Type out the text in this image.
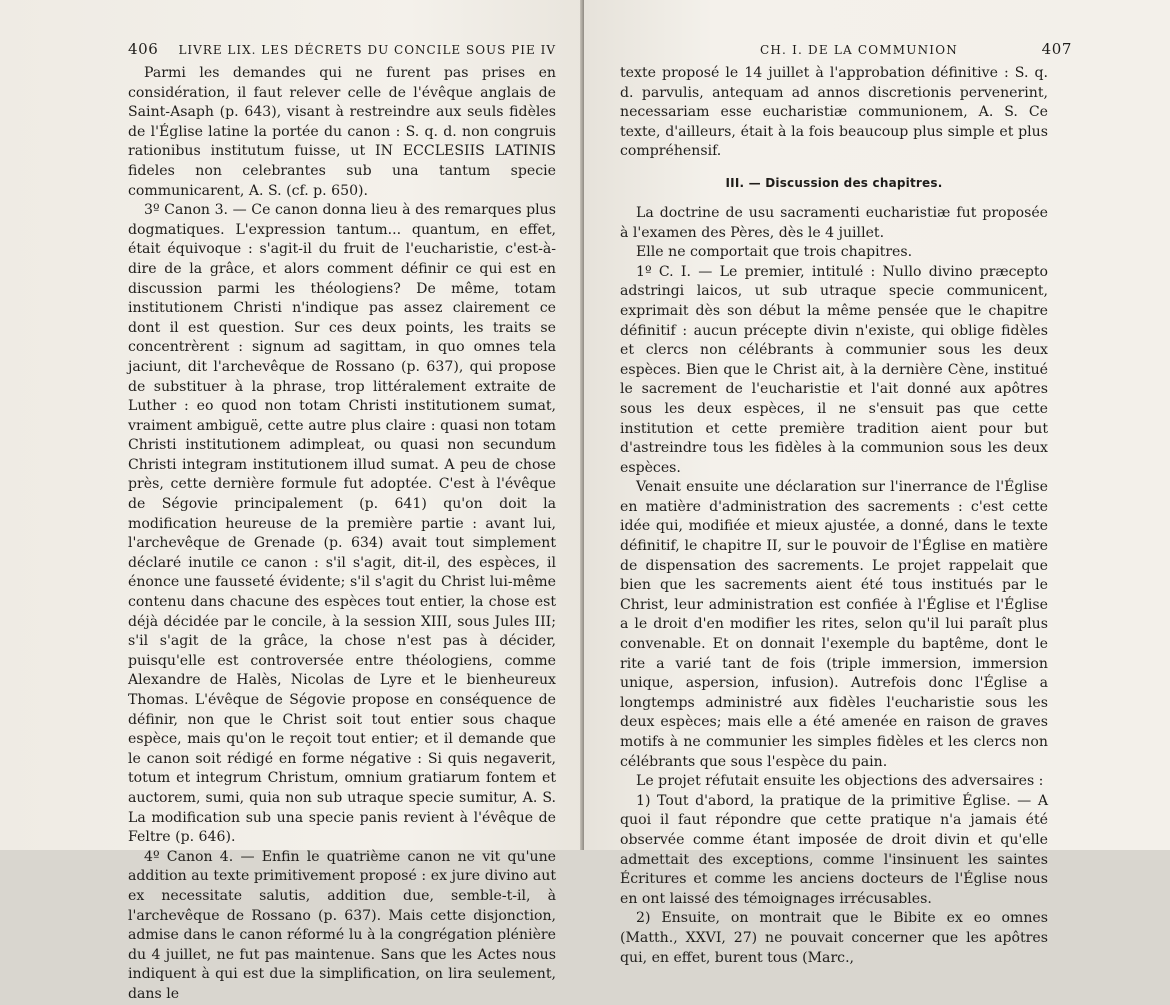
406 LIVRE LIX. LES DÉCRETS DU CONCILE SOUS PIE IV

Parmi les demandes qui ne furent pas prises en considération, il faut relever celle de l'évêque anglais de Saint-Asaph (p. 643), visant à restreindre aux seuls fidèles de l'Église latine la portée du canon : S. q. d. non congruis rationibus institutum fuisse, ut IN ECCLESIIS LATINIS fideles non celebrantes sub una tantum specie communicarent, A. S. (cf. p. 650).

3º Canon 3. — Ce canon donna lieu à des remarques plus dogmatiques. L'expression tantum... quantum, en effet, était équivoque : s'agit-il du fruit de l'eucharistie, c'est-à-dire de la grâce, et alors comment définir ce qui est en discussion parmi les théologiens? De même, totam institutionem Christi n'indique pas assez clairement ce dont il est question. Sur ces deux points, les traits se concentrèrent : signum ad sagittam, in quo omnes tela jaciunt, dit l'archevêque de Rossano (p. 637), qui propose de substituer à la phrase, trop littéralement extraite de Luther : eo quod non totam Christi institutionem sumat, vraiment ambiguë, cette autre plus claire : quasi non totam Christi institutionem adimpleat, ou quasi non secundum Christi integram institutionem illud sumat. A peu de chose près, cette dernière formule fut adoptée. C'est à l'évêque de Ségovie principalement (p. 641) qu'on doit la modification heureuse de la première partie : avant lui, l'archevêque de Grenade (p. 634) avait tout simplement déclaré inutile ce canon : s'il s'agit, dit-il, des espèces, il énonce une fausseté évidente; s'il s'agit du Christ lui-même contenu dans chacune des espèces tout entier, la chose est déjà décidée par le concile, à la session XIII, sous Jules III; s'il s'agit de la grâce, la chose n'est pas à décider, puisqu'elle est controversée entre théologiens, comme Alexandre de Halès, Nicolas de Lyre et le bienheureux Thomas. L'évêque de Ségovie propose en conséquence de définir, non que le Christ soit tout entier sous chaque espèce, mais qu'on le reçoit tout entier; et il demande que le canon soit rédigé en forme négative : Si quis negaverit, totum et integrum Christum, omnium gratiarum fontem et auctorem, sumi, quia non sub utraque specie sumitur, A. S. La modification sub una specie panis revient à l'évêque de Feltre (p. 646).

4º Canon 4. — Enfin le quatrième canon ne vit qu'une addition au texte primitivement proposé : ex jure divino aut ex necessitate salutis, addition due, semble-t-il, à l'archevêque de Rossano (p. 637). Mais cette disjonction, admise dans le canon réformé lu à la congrégation plénière du 4 juillet, ne fut pas maintenue. Sans que les Actes nous indiquent à qui est due la simplification, on lira seulement, dans le

CH. I. DE LA COMMUNION	407

texte proposé le 14 juillet à l'approbation définitive : S. q. d. parvulis, antequam ad annos discretionis pervenerint, necessariam esse eucharistiæ communionem, A. S. Ce texte, d'ailleurs, était à la fois beaucoup plus simple et plus compréhensif.

III. — Discussion des chapitres.

La doctrine de usu sacramenti eucharistiæ fut proposée à l'examen des Pères, dès le 4 juillet.

Elle ne comportait que trois chapitres.

1º C. I. — Le premier, intitulé : Nullo divino præcepto adstringi laicos, ut sub utraque specie communicent, exprimait dès son début la même pensée que le chapitre définitif : aucun précepte divin n'existe, qui oblige fidèles et clercs non célébrants à communier sous les deux espèces. Bien que le Christ ait, à la dernière Cène, institué le sacrement de l'eucharistie et l'ait donné aux apôtres sous les deux espèces, il ne s'ensuit pas que cette institution et cette première tradition aient pour but d'astreindre tous les fidèles à la communion sous les deux espèces.

Venait ensuite une déclaration sur l'inerrance de l'Église en matière d'administration des sacrements : c'est cette idée qui, modifiée et mieux ajustée, a donné, dans le texte définitif, le chapitre II, sur le pouvoir de l'Église en matière de dispensation des sacrements. Le projet rappelait que bien que les sacrements aient été tous institués par le Christ, leur administration est confiée à l'Église et l'Église a le droit d'en modifier les rites, selon qu'il lui paraît plus convenable. Et on donnait l'exemple du baptême, dont le rite a varié tant de fois (triple immersion, immersion unique, aspersion, infusion). Autrefois donc l'Église a longtemps administré aux fidèles l'eucharistie sous les deux espèces; mais elle a été amenée en raison de graves motifs à ne communier les simples fidèles et les clercs non célébrants que sous l'espèce du pain.

Le projet réfutait ensuite les objections des adversaires :

1) Tout d'abord, la pratique de la primitive Église. — A quoi il faut répondre que cette pratique n'a jamais été observée comme étant imposée de droit divin et qu'elle admettait des exceptions, comme l'insinuent les saintes Écritures et comme les anciens docteurs de l'Église nous en ont laissé des témoignages irrécusables.

2) Ensuite, on montrait que le Bibite ex eo omnes (Matth., XXVI, 27) ne pouvait concerner que les apôtres qui, en effet, burent tous (Marc.,
